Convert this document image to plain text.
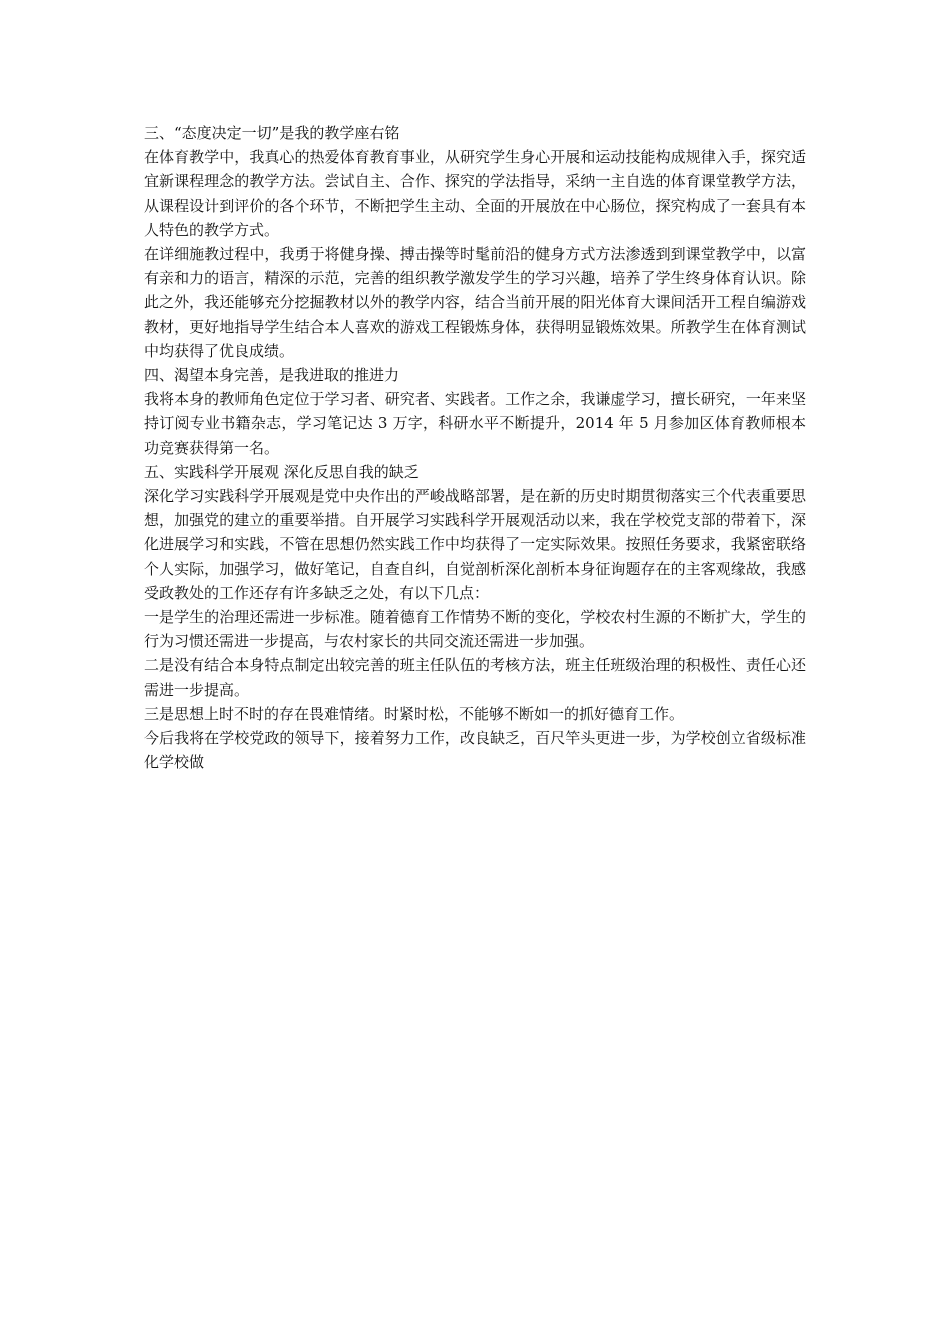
三、“态度决定一切”是我的教学座右铭

在体育教学中，我真心的热爱体育教育事业，从研究学生身心开展和运动技能构成规律入手，探究适宜新课程理念的教学方法。尝试自主、合作、探究的学法指导，采纳一主自选的体育课堂教学方法，从课程设计到评价的各个环节，不断把学生主动、全面的开展放在中心肠位，探究构成了一套具有本人特色的教学方式。

在详细施教过程中，我勇于将健身操、搏击操等时髦前沿的健身方式方法渗透到到课堂教学中，以富有亲和力的语言，精深的示范，完善的组织教学激发学生的学习兴趣，培养了学生终身体育认识。除此之外，我还能够充分挖掘教材以外的教学内容，结合当前开展的阳光体育大课间活开工程自编游戏教材，更好地指导学生结合本人喜欢的游戏工程锻炼身体，获得明显锻炼效果。所教学生在体育测试中均获得了优良成绩。

四、渴望本身完善，是我进取的推进力

我将本身的教师角色定位于学习者、研究者、实践者。工作之余，我谦虚学习，擅长研究，一年来坚持订阅专业书籍杂志，学习笔记达 3 万字，科研水平不断提升，2014 年 5 月参加区体育教师根本功竞赛获得第一名。

五、实践科学开展观 深化反思自我的缺乏

深化学习实践科学开展观是党中央作出的严峻战略部署，是在新的历史时期贯彻落实三个代表重要思想，加强党的建立的重要举措。自开展学习实践科学开展观活动以来，我在学校党支部的带着下，深化进展学习和实践，不管在思想仍然实践工作中均获得了一定实际效果。按照任务要求，我紧密联络个人实际，加强学习，做好笔记，自查自纠，自觉剖析深化剖析本身征询题存在的主客观缘故，我感受政教处的工作还存有许多缺乏之处，有以下几点：

一是学生的治理还需进一步标准。随着德育工作情势不断的变化，学校农村生源的不断扩大，学生的行为习惯还需进一步提高，与农村家长的共同交流还需进一步加强。

二是没有结合本身特点制定出较完善的班主任队伍的考核方法，班主任班级治理的积极性、责任心还需进一步提高。

三是思想上时不时的存在畏难情绪。时紧时松，不能够不断如一的抓好德育工作。

今后我将在学校党政的领导下，接着努力工作，改良缺乏，百尺竿头更进一步，为学校创立省级标准化学校做
